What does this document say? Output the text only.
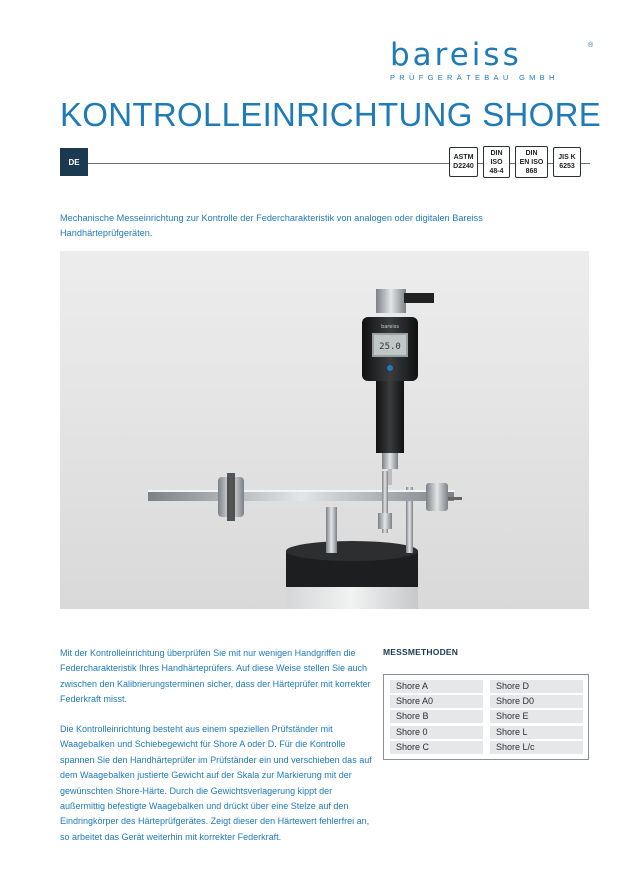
bareiss	®
PRÜFGERÄTEBAU GMBH
KONTROLLEINRICHTUNG SHORE
DE	ASTM
D2240
DIN
ISO
48-4
DIN
EN ISO
868
JIS K
6253
Mechanische Messeinrichtung zur Kontrolle der Federcharakteristik von analogen oder digitalen Bareiss Handhärteprüfgeräten.
25.0
bareiss
Mit der Kontrolleinrichtung überprüfen Sie mit nur wenigen Handgriffen die Federcharakteristik Ihres Handhärteprüfers. Auf diese Weise stellen Sie auch zwischen den Kalibrierungsterminen sicher, dass der Härteprüfer mit korrekter Federkraft misst.
Die Kontrolleinrichtung besteht aus einem speziellen Prüfständer mit Waagebalken und Schiebegewicht für Shore A oder D. Für die Kontrolle spannen Sie den Handhärteprüfer im Prüfständer ein und verschieben das auf dem Waagebalken justierte Gewicht auf der Skala zur Markierung mit der gewünschten Shore-Härte. Durch die Gewichtsverlagerung kippt der außermittig befestigte Waagebalken und drückt über eine Stelze auf den Eindringkörper des Härteprüfgerätes. Zeigt dieser den Härtewert fehlerfrei an, so arbeitet das Gerät weiterhin mit korrekter Federkraft.
MESSMETHODEN
Shore A
Shore A0
Shore B
Shore 0
Shore C
Shore D
Shore D0
Shore E
Shore L
Shore L/c
